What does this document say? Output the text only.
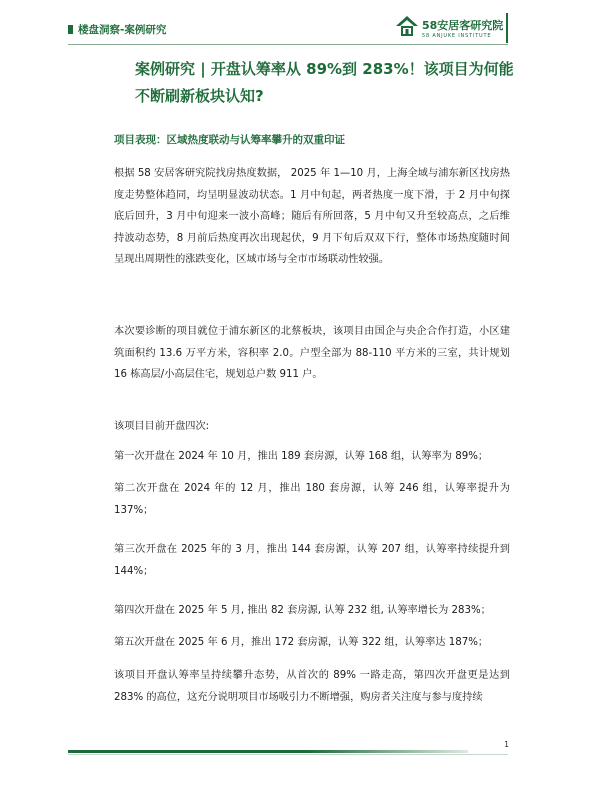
楼盘洞察-案例研究	58安居客研究院
58 ANJUKE INSTITUTE
案例研究 | 开盘认筹率从 89%到 283%！该项目为何能不断刷新板块认知?
项目表现：区域热度联动与认筹率攀升的双重印证
根据 58 安居客研究院找房热度数据， 2025 年 1—10 月，上海全域与浦东新区找房热度走势整体趋同，均呈明显波动状态。1 月中旬起，两者热度一度下滑，于 2 月中旬探底后回升，3 月中旬迎来一波小高峰；随后有所回落，5 月中旬又升至较高点，之后维持波动态势，8 月前后热度再次出现起伏，9 月下旬后双双下行，整体市场热度随时间呈现出周期性的涨跌变化，区域市场与全市市场联动性较强。
本次要诊断的项目就位于浦东新区的北蔡板块，该项目由国企与央企合作打造，小区建筑面积约 13.6 万平方米，容积率 2.0。户型全部为 88-110 平方米的三室，共计规划 16 栋高层/小高层住宅，规划总户数 911 户。
该项目目前开盘四次:
第一次开盘在 2024 年 10 月，推出 189 套房源，认筹 168 组，认筹率为 89%；
第二次开盘在 2024 年的 12 月，推出 180 套房源，认筹 246 组，认筹率提升为 137%；
第三次开盘在 2025 年的 3 月，推出 144 套房源，认筹 207 组，认筹率持续提升到 144%；
第四次开盘在 2025 年 5 月, 推出 82 套房源, 认筹 232 组, 认筹率增长为 283%；
第五次开盘在 2025 年 6 月，推出 172 套房源，认筹 322 组，认筹率达 187%；
该项目开盘认筹率呈持续攀升态势，从首次的 89% 一路走高，第四次开盘更是达到 283% 的高位，这充分说明项目市场吸引力不断增强，购房者关注度与参与度持续
1
